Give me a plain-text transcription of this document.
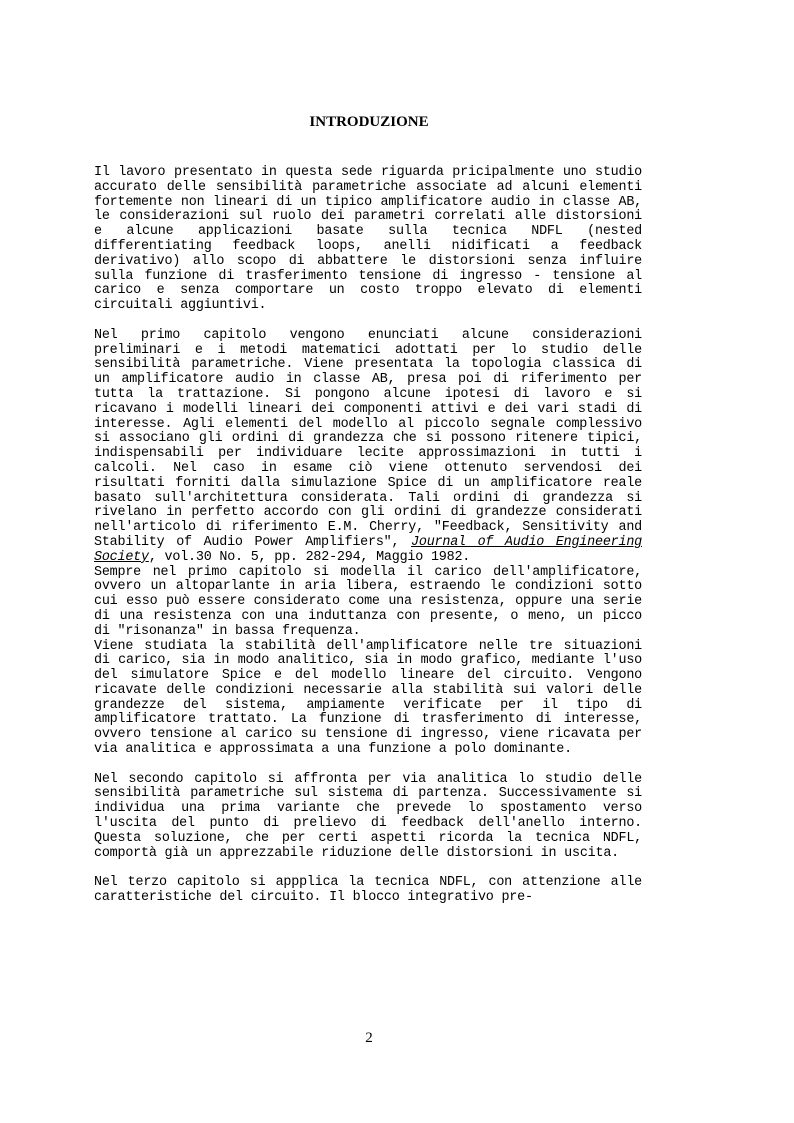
INTRODUZIONE

Il lavoro presentato in questa sede riguarda pricipalmente uno studio accurato delle sensibilità parametriche associate ad alcuni elementi fortemente non lineari di un tipico amplificatore audio in classe AB, le considerazioni sul ruolo dei parametri correlati alle distorsioni e alcune applicazioni basate sulla tecnica NDFL (nested differentiating feedback loops, anelli nidificati a feedback derivativo) allo scopo di abbattere le distorsioni senza influire sulla funzione di trasferimento tensione di ingresso - tensione al carico e senza comportare un costo troppo elevato di elementi circuitali aggiuntivi.

Nel primo capitolo vengono enunciati alcune considerazioni preliminari e i metodi matematici adottati per lo studio delle sensibilità parametriche. Viene presentata la topologia classica di un amplificatore audio in classe AB, presa poi di riferimento per tutta la trattazione. Si pongono alcune ipotesi di lavoro e si ricavano i modelli lineari dei componenti attivi e dei vari stadi di interesse. Agli elementi del modello al piccolo segnale complessivo si associano gli ordini di grandezza che si possono ritenere tipici, indispensabili per individuare lecite approssimazioni in tutti i calcoli. Nel caso in esame ciò viene ottenuto servendosi dei risultati forniti dalla simulazione Spice di un amplificatore reale basato sull'architettura considerata. Tali ordini di grandezza si rivelano in perfetto accordo con gli ordini di grandezze considerati nell'articolo di riferimento E.M. Cherry, "Feedback, Sensitivity and Stability of Audio Power Amplifiers", Journal of Audio Engineering Society, vol.30 No. 5, pp. 282-294, Maggio 1982.

Sempre nel primo capitolo si modella il carico dell'amplificatore, ovvero un altoparlante in aria libera, estraendo le condizioni sotto cui esso può essere considerato come una resistenza, oppure una serie di una resistenza con una induttanza con presente, o meno, un picco di "risonanza" in bassa frequenza.

Viene studiata la stabilità dell'amplificatore nelle tre situazioni di carico, sia in modo analitico, sia in modo grafico, mediante l'uso del simulatore Spice e del modello lineare del circuito. Vengono ricavate delle condizioni necessarie alla stabilità sui valori delle grandezze del sistema, ampiamente verificate per il tipo di amplificatore trattato. La funzione di trasferimento di interesse, ovvero tensione al carico su tensione di ingresso, viene ricavata per via analitica e approssimata a una funzione a polo dominante.

Nel secondo capitolo si affronta per via analitica lo studio delle sensibilità parametriche sul sistema di partenza. Successivamente si individua una prima variante che prevede lo spostamento verso l'uscita del punto di prelievo di feedback dell'anello interno. Questa soluzione, che per certi aspetti ricorda la tecnica NDFL, comportà già un apprezzabile riduzione delle distorsioni in uscita.

Nel terzo capitolo si appplica la tecnica NDFL, con attenzione alle caratteristiche del circuito. Il blocco integrativo pre-

2
